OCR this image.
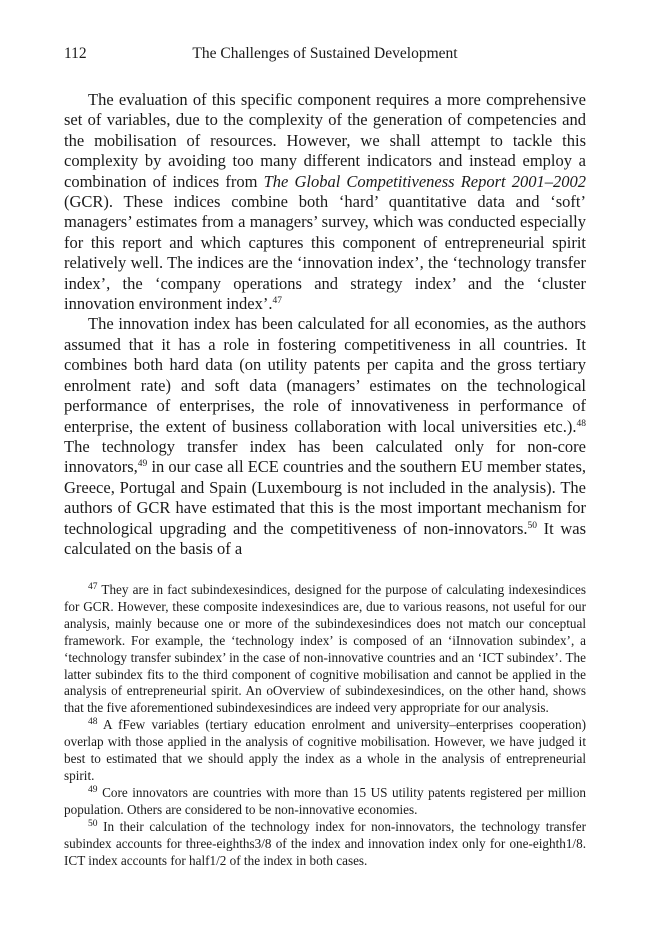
112	The Challenges of Sustained Development

The evaluation of this specific component requires a more comprehensive set of variables, due to the complexity of the generation of competencies and the mobilisation of resources. However, we shall attempt to tackle this complexity by avoiding too many different indicators and instead employ a combination of indices from The Global Competitiveness Report 2001–2002 (GCR). These indices combine both ‘hard’ quantitative data and ‘soft’ managers’ estimates from a managers’ survey, which was conducted especially for this report and which captures this component of entrepreneurial spirit relatively well. The indices are the ‘innovation index’, the ‘technology transfer index’, the ‘company operations and strategy index’ and the ‘cluster innovation environment index’.$^{47}$

The innovation index has been calculated for all economies, as the authors assumed that it has a role in fostering competitiveness in all countries. It combines both hard data (on utility patents per capita and the gross tertiary enrolment rate) and soft data (managers’ estimates on the technological performance of enterprises, the role of innovativeness in performance of enterprise, the extent of business collaboration with local universities etc.).$^{48}$ The technology transfer index has been calculated only for non-core innovators,$^{49}$ in our case all ECE countries and the southern EU member states, Greece, Portugal and Spain (Luxembourg is not included in the analysis). The authors of GCR have estimated that this is the most important mechanism for technological upgrading and the competitiveness of non-innovators.$^{50}$ It was calculated on the basis of a

$^{47}$ They are in fact subindexesindices, designed for the purpose of calculating indexesindices for GCR. However, these composite indexesindices are, due to various reasons, not useful for our analysis, mainly because one or more of the subindexesindices does not match our conceptual framework. For example, the ‘technology index’ is composed of an ‘iInnovation subindex’, a ‘technology transfer subindex’ in the case of non-innovative countries and an ‘ICT subindex’. The latter subindex fits to the third component of cognitive mobilisation and cannot be applied in the analysis of entrepreneurial spirit. An oOverview of subindexesindices, on the other hand, shows that the five aforementioned subindexesindices are indeed very appropriate for our analysis.

$^{48}$ A fFew variables (tertiary education enrolment and university–enterprises cooperation) overlap with those applied in the analysis of cognitive mobilisation. However, we have judged it best to estimated that we should apply the index as a whole in the analysis of entrepreneurial spirit.

$^{49}$ Core innovators are countries with more than 15 US utility patents registered per million population. Others are considered to be non-innovative economies.

$^{50}$ In their calculation of the technology index for non-innovators, the technology transfer subindex accounts for three-eighths3/8 of the index and innovation index only for one-eighth1/8. ICT index accounts for half1/2 of the index in both cases.
